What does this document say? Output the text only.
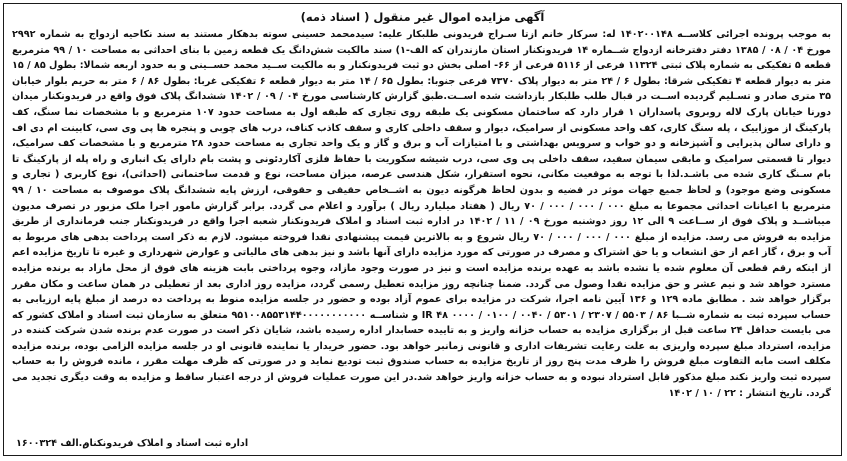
آگهی مزایده اموال غیر منقول ( اسناد ذمه)

به موجب پرونده اجرائی کلاســه ۱۴۰۲۰۰۱۴۸ له: سرکار خانم ازتا سـراج فریدونی طلبکار علیه: سیدمحمد حسینی سوته بدهکار مستند به سند نکاحیه ازدواج به شماره ۲۹۹۲ مورخ ۰۴ / ۰۸ / ۱۳۸۵ دفتر دفترخانه ازدواج شــماره ۱۴ فریدونکنار استان مازندران که الف-۱) سند مالکیت شش‌دانگ یک قطعه زمین با بنای احداثی به مساحت ۱۰ / ۹۹ مترمربع قطعه ۵ تفکیکی به شماره پلاک ثبتی ۱۱۳۲۴ فرعی از ۵۱۱۶ فرعی از ۶۶- اصلی بخش دو ثبت فریدونکنار و به مالکیت ســید محمد حســینی و به حدود اربعه شمالا: بطول ۸۵ / ۱۵ متر به دیوار قطعه ۴ تفکیکی شرقا: بطول ۶ / ۲۴ متر به دیوار پلاک ۷۳۷۰ فرعی جنوبا: بطول ۶۵ / ۱۴ متر به دیوار قطعه ۶ تفکیکی غربا: بطول ۸۶ / ۶ متر به حریم بلوار خیابان ۳۵ متری صادر و تسـلیم گردیده اســت در قبال طلب طلبکار بازداشت شده اســت.طبق گزارش کارشناسی مورخ ۰۴ / ۰۹ / ۱۴۰۲ ششدانگ پلاک فوق واقع در فریدونکنار میدان دورنا خیابان پارک لاله روبروی پاسداران ۱ قرار دارد که ساختمان مسکونی یک طبقه روی تجاری که طبقه اول به مساحت حدود ۱۰۷ مترمربع و با مشخصات نما سنگ، کف پارکینگ از موزاییک ، پله سنگ کاری، کف واحد مسکونی از سرامیک، دیوار و سقف داخلی کاری و سقف کاذب کناف، درب های چوبی و پنجره ها پی وی سی، کابینت ام دی اف و دارای سالن پذیرایی و آشپزخانه و دو خواب و سرویس بهداشتی و با امتیازات آب و برق و گاز و یک واحد تجاری به مساحت حدود ۲۸ مترمربع و با مشخصات کف سرامیک، دیوار تا قسمتی سرامیک و مابقی سیمان سفید، سقف داخلی پی وی سی، درب شیشه سکوریت با حفاظ فلزی آکاردئونی و پشت بام دارای یک انباری و راه پله از پارکینگ تا بام سـنگ کاری شده می باشـد.لذا با توجه به موقعیت مکانی، نحوه استقرار، شکل هندسی عرصه، میزان مساحت، نوع و قدمت ساختمانی (احداثی)، نوع کاربری ( تجاری و مسکونی وضع موجود) و لحاظ جمیع جهات موثر در قضیه و بدون لحاظ هرگونه دیون به اشــخاص حقیقی و حقوقی، ارزش پایه ششدانگ پلاک موصوف به مساحت ۱۰ / ۹۹ مترمربع با اعیانات احداثی مجموعا به مبلغ ۰۰۰ / ۰۰۰ / ۰۰۰ / ۷۰ ریال ( هفتاد میلیارد ریال ) برآورد و اعلام می گردد. برابر گزارش مامور اجرا ملک مزبور در تصرف مدیون میباشــد و پلاک فوق از ســاعت ۹ الی ۱۲ روز دوشنبه مورخ ۰۹ / ۱۱ / ۱۴۰۲ در اداره ثبت اسناد و املاک فریدونکنار شعبه اجرا واقع در فریدونکنار جنب فرمانداری از طریق مزایده به فروش می رسد. مزایده از مبلغ ۰۰۰ / ۰۰۰ / ۰۰۰ / ۷۰ ریال شروع و به بالاترین قیمت پیشنهادی نقدا فروخته میشود. لازم به ذکر است پرداخت بدهی های مربوط به آب و برق ، گاز اعم از حق انشعاب و یا حق اشتراک و مصرف در صورتی که مورد مزایده دارای آنها باشد و نیز بدهی های مالیاتی و عوارض شهرداری و غیره تا تاریخ مزایده اعم از اینکه رقم قطعی آن معلوم شده یا نشده باشد به عهده برنده مزایده است و نیز در صورت وجود مازاد، وجوه پرداختی بابت هزینه های فوق از محل مازاد به برنده مزایده مسترد خواهد شد و نیم عشر و حق مزایده نقدا وصول می گردد. ضمنا چنانچه روز مزایده تعطیل رسمی گردد، مزایده روز اداری بعد از تعطیلی در همان ساعت و مکان مقرر برگزار خواهد شد . مطابق ماده ۱۲۹ و ۱۳۶ آیین نامه اجرا، شرکت در مزایده برای عموم آزاد بوده و حضور در جلسه مزایده منوط به پرداخت ده درصد از مبلغ پایه ارزیابی به حساب سپرده ثبت به شماره شــبا ۸۶ / ۵۵۰۳ / ۲۳۰۷ / ۵۳۰۱ / ۰۰۴۰ / ۰۱۰۰ / ۰۰۰۰ IR ۴۸ و شناســه ۹۵۱۰۰۸۵۵۳۱۴۴۰۰۰۰۰۰۰۰۰۰۰ متعلق به سازمان ثبت اسناد و املاک کشور که می بایست حداقل ۲۴ ساعت قبل از برگزاری مزایده به حساب خزانه واریز و به تاییده حسابدار اداره رسیده باشد، شایان ذکر است در صورت عدم برنده شدن شرکت کننده در مزایده، استرداد مبلغ سپرده واریزی به علت رعایت تشریفات اداری و قانونی زمانبر خواهد بود. حضور خریدار یا نماینده قانونی او در جلسه مزایده الزامی بوده، برنده مزایده مکلف است مابه التفاوت مبلغ فروش را ظرف مدت پنج روز از تاریخ مزایده به حساب صندوق ثبت تودیع نماید و در صورتی که ظرف مهلت مقرر ، مانده فروش را به حساب سپرده ثبت واریز نکند مبلغ مذکور قابل استرداد نبوده و به حساب خزانه واریز خواهد شد.در این صورت عملیات فروش از درجه اعتبار ساقط و مزایده به وقت دیگری تجدید می گردد. تاریخ انتشار : ۲۲ / ۱۰ / ۱۴۰۲

اداره ثبت اسناد و املاک فریدونکنار
م.الف ۱۶۰۰۳۲۴
